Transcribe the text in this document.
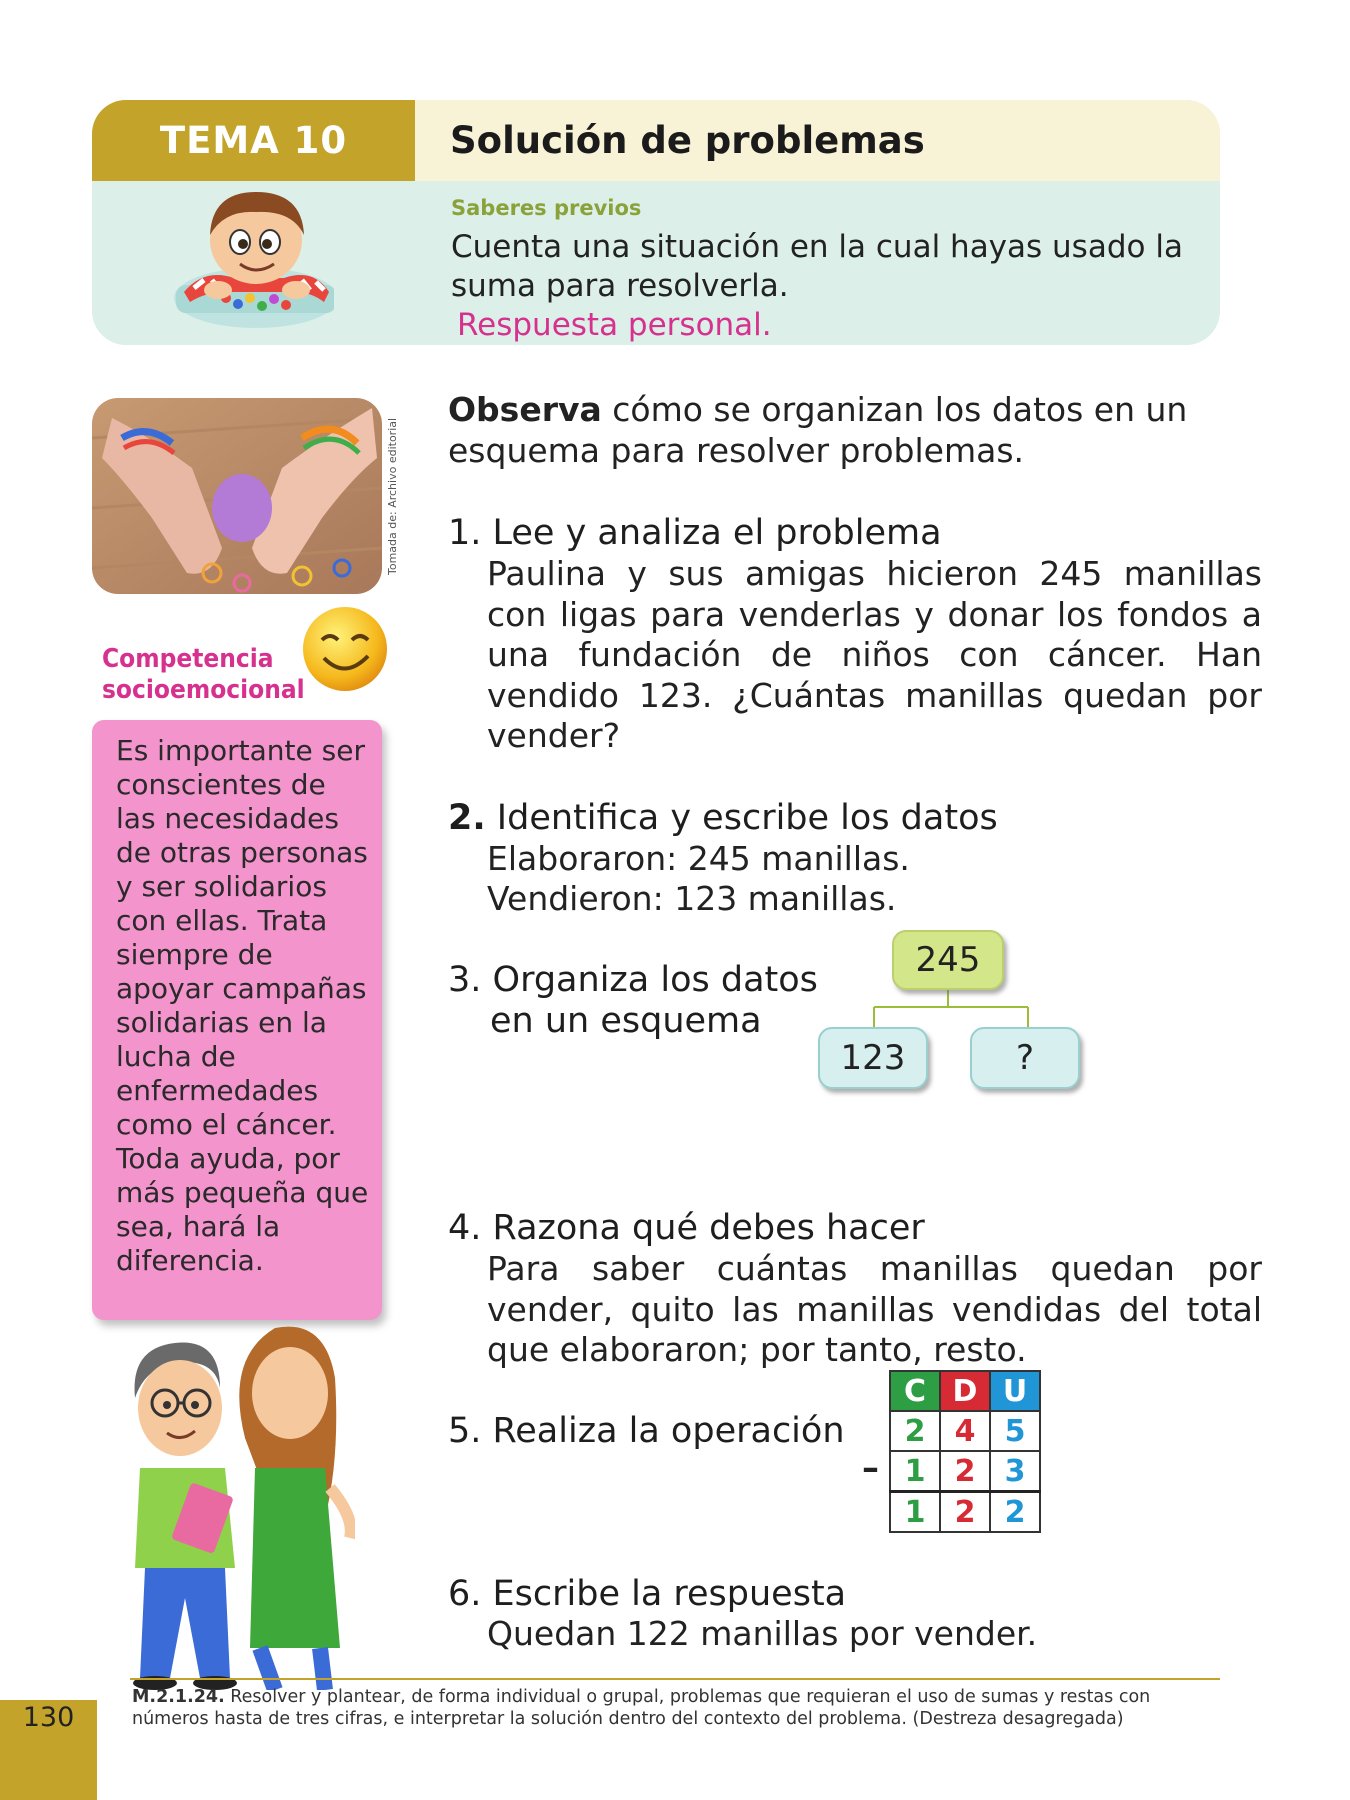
TEMA 10	Solución de problemas
Saberes previos
Cuenta una situación en la cual hayas usado la suma para resolverla.Respuesta personal.
Tomada de: Archivo editorial
Competencia socioemocional
Es importante ser conscientes de las necesidades de otras personas y ser solidarios con ellas. Trata siempre de apoyar campañas solidarias en la lucha de enfermedades como el cáncer. Toda ayuda, por más pequeña que sea, hará la diferencia.
Observa cómo se organizan los datos en un esquema para resolver problemas.
1. Lee y analiza el problema
Paulina y sus amigas hicieron 245 manillas con ligas para venderlas y donar los fondos a una fundación de niños con cáncer. Han vendido 123. ¿Cuántas manillas quedan por vender?
2. Identifica y escribe los datos
Elaboraron: 245 manillas.
Vendieron: 123 manillas.
3. Organiza los datos
en un esquema
245
123	?
4. Razona qué debes hacer
Para saber cuántas manillas quedan por vender, quito las manillas vendidas del total que elaboraron; por tanto, resto.
5. Realiza la operación
C	D	U
2	4	5
1	2	3
1	2	2
–
6. Escribe la respuesta
Quedan 122 manillas por vender.
130
M.2.1.24. Resolver y plantear, de forma individual o grupal, problemas que requieran el uso de sumas y restas con números hasta de tres cifras, e interpretar la solución dentro del contexto del problema. (Destreza desagregada)
